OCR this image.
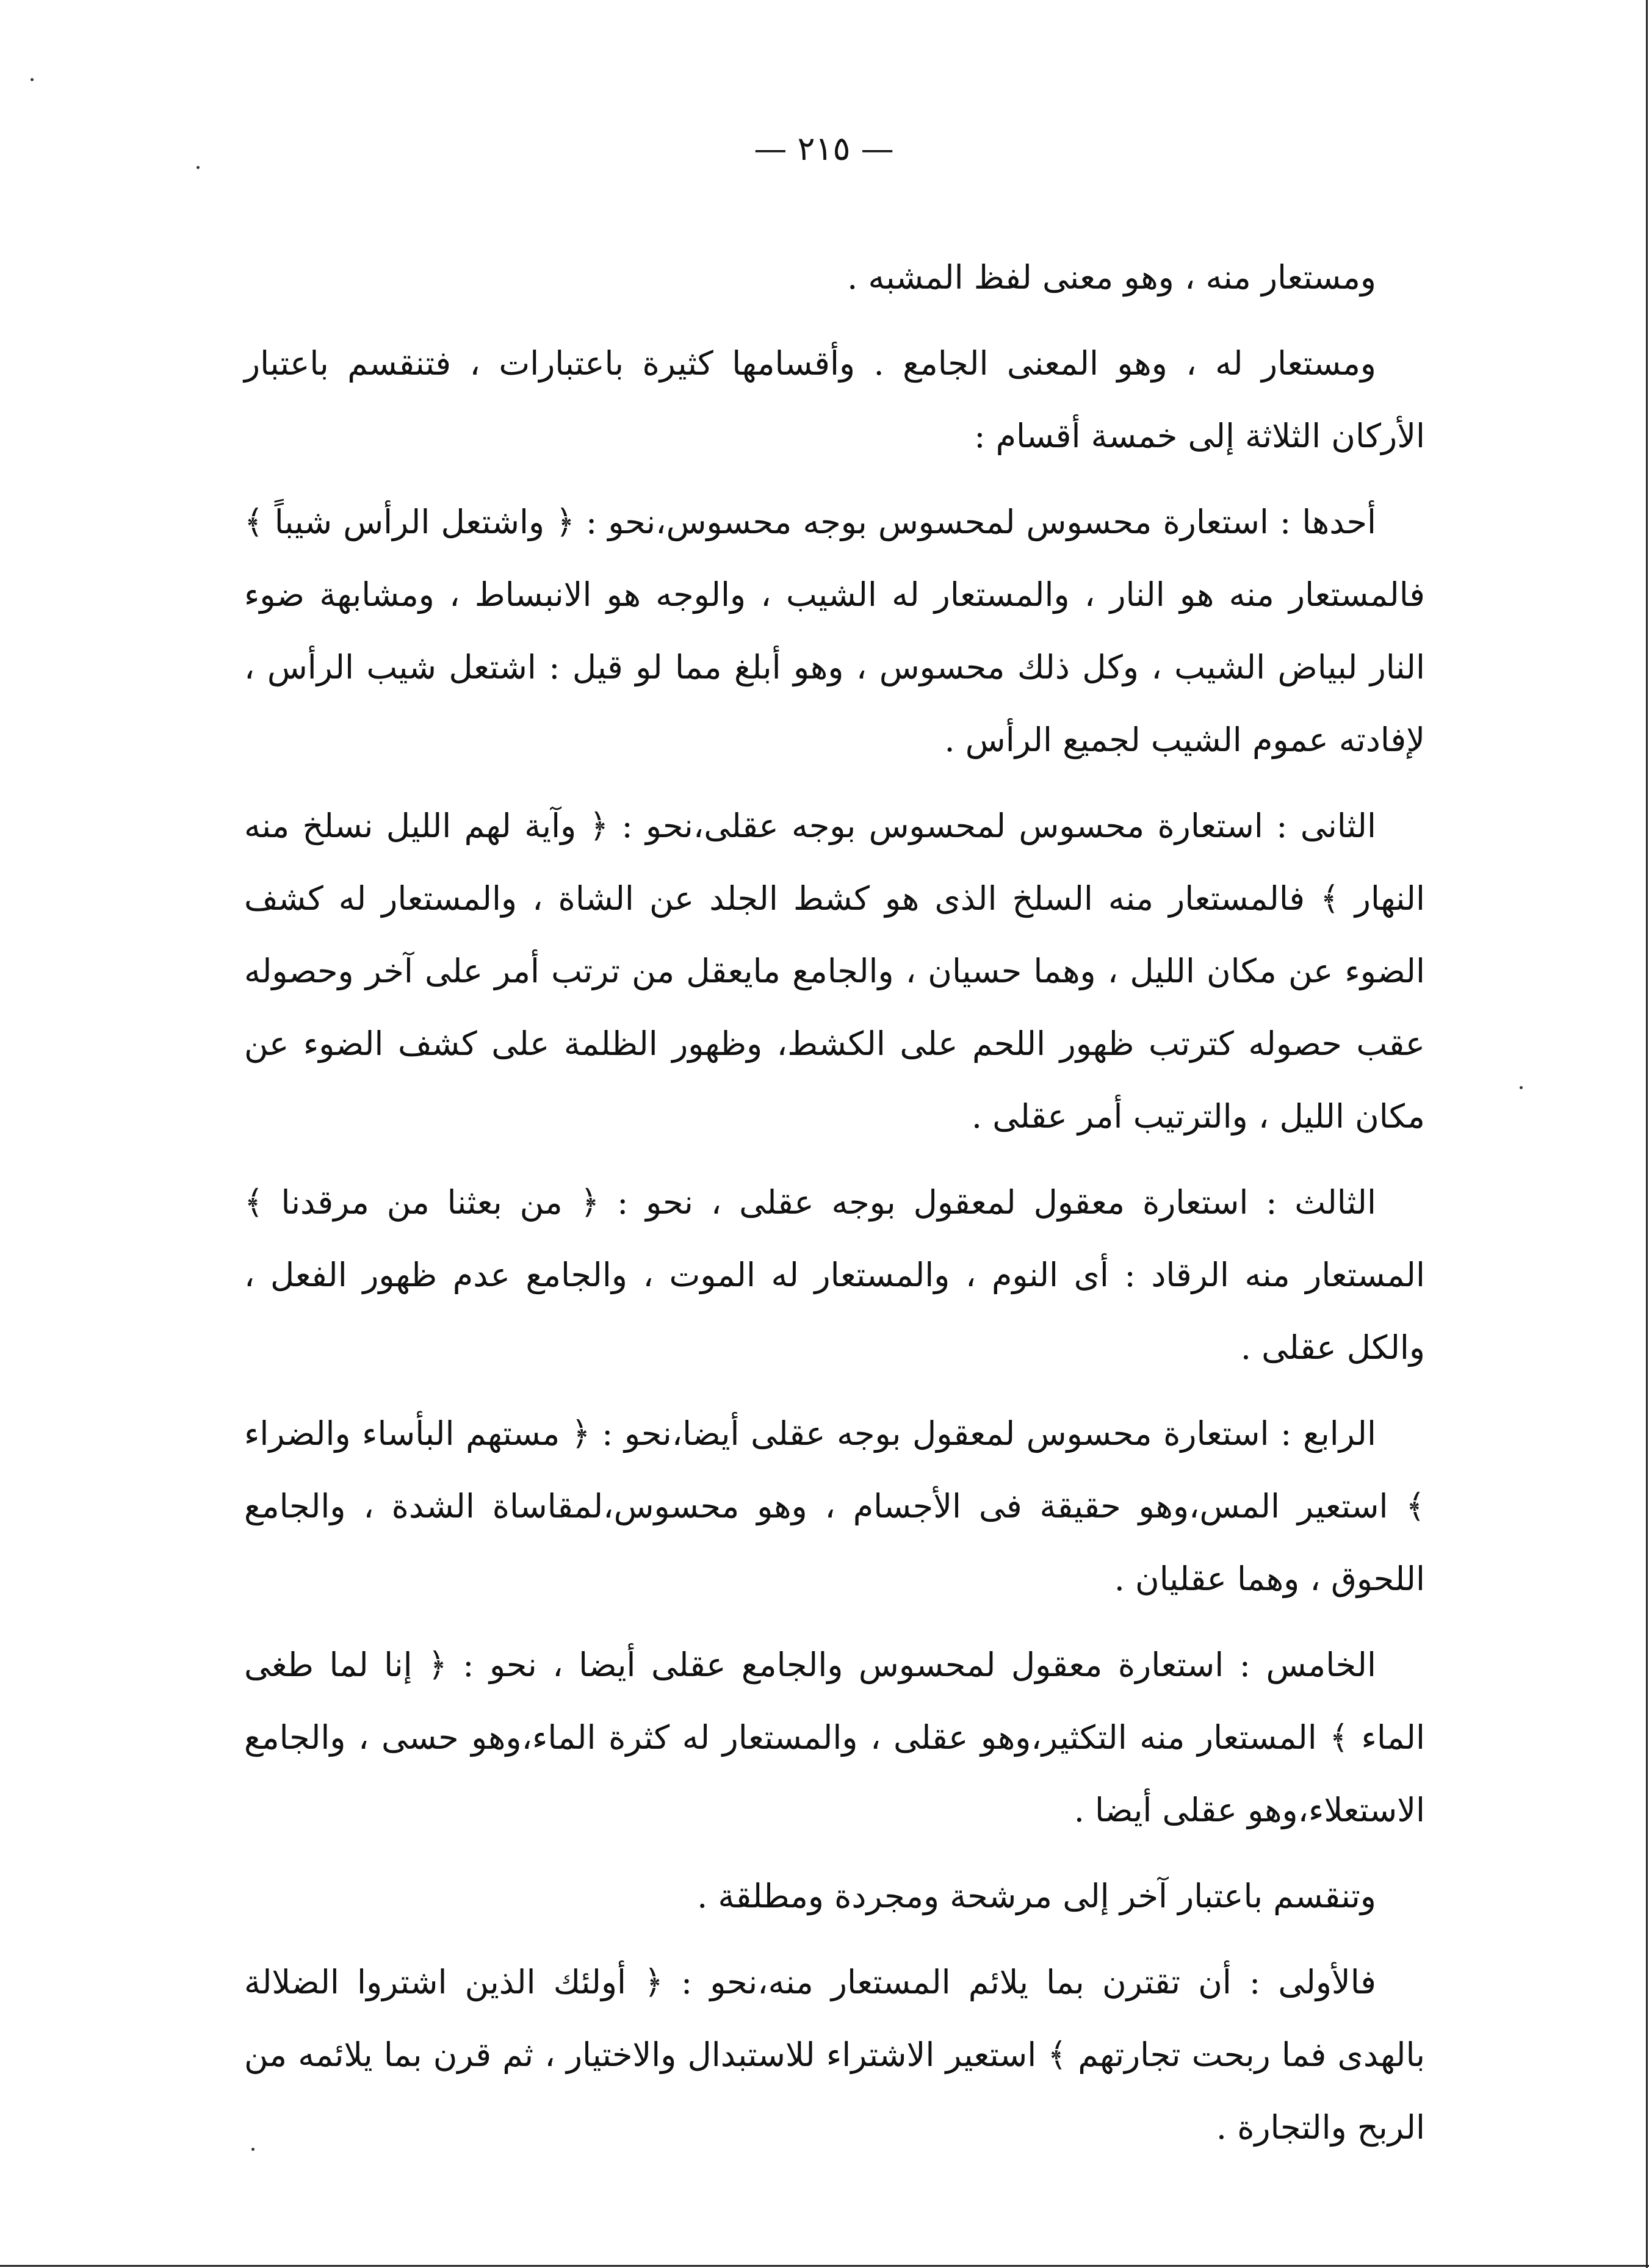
— ٢١٥ —

ومستعار منه ، وهو معنى لفظ المشبه .

ومستعار له ، وهو المعنى الجامع . وأقسامها كثيرة باعتبارات ، فتنقسم باعتبار الأركان الثلاثة إلى خمسة أقسام :

أحدها : استعارة محسوس لمحسوس بوجه محسوس،نحو : ﴿ واشتعل الرأس شيباً ﴾ فالمستعار منه هو النار ، والمستعار له الشيب ، والوجه هو الانبساط ، ومشابهة ضوء النار لبياض الشيب ، وكل ذلك محسوس ، وهو أبلغ مما لو قيل : اشتعل شيب الرأس ، لإفادته عموم الشيب لجميع الرأس .

الثانى : استعارة محسوس لمحسوس بوجه عقلى،نحو : ﴿ وآية لهم الليل نسلخ منه النهار ﴾ فالمستعار منه السلخ الذى هو كشط الجلد عن الشاة ، والمستعار له كشف الضوء عن مكان الليل ، وهما حسيان ، والجامع مايعقل من ترتب أمر على آخر وحصوله عقب حصوله كترتب ظهور اللحم على الكشط، وظهور الظلمة على كشف الضوء عن مكان الليل ، والترتيب أمر عقلى .

الثالث : استعارة معقول لمعقول بوجه عقلى ، نحو : ﴿ من بعثنا من مرقدنا ﴾ المستعار منه الرقاد : أى النوم ، والمستعار له الموت ، والجامع عدم ظهور الفعل ، والكل عقلى .

الرابع : استعارة محسوس لمعقول بوجه عقلى أيضا،نحو : ﴿ مستهم البأساء والضراء ﴾ استعير المس،وهو حقيقة فى الأجسام ، وهو محسوس،لمقاساة الشدة ، والجامع اللحوق ، وهما عقليان .

الخامس : استعارة معقول لمحسوس والجامع عقلى أيضا ، نحو : ﴿ إنا لما طغى الماء ﴾ المستعار منه التكثير،وهو عقلى ، والمستعار له كثرة الماء،وهو حسى ، والجامع الاستعلاء،وهو عقلى أيضا .

وتنقسم باعتبار آخر إلى مرشحة ومجردة ومطلقة .

فالأولى : أن تقترن بما يلائم المستعار منه،نحو : ﴿ أولئك الذين اشتروا الضلالة بالهدى فما ربحت تجارتهم ﴾ استعير الاشتراء للاستبدال والاختيار ، ثم قرن بما يلائمه من الربح والتجارة .
